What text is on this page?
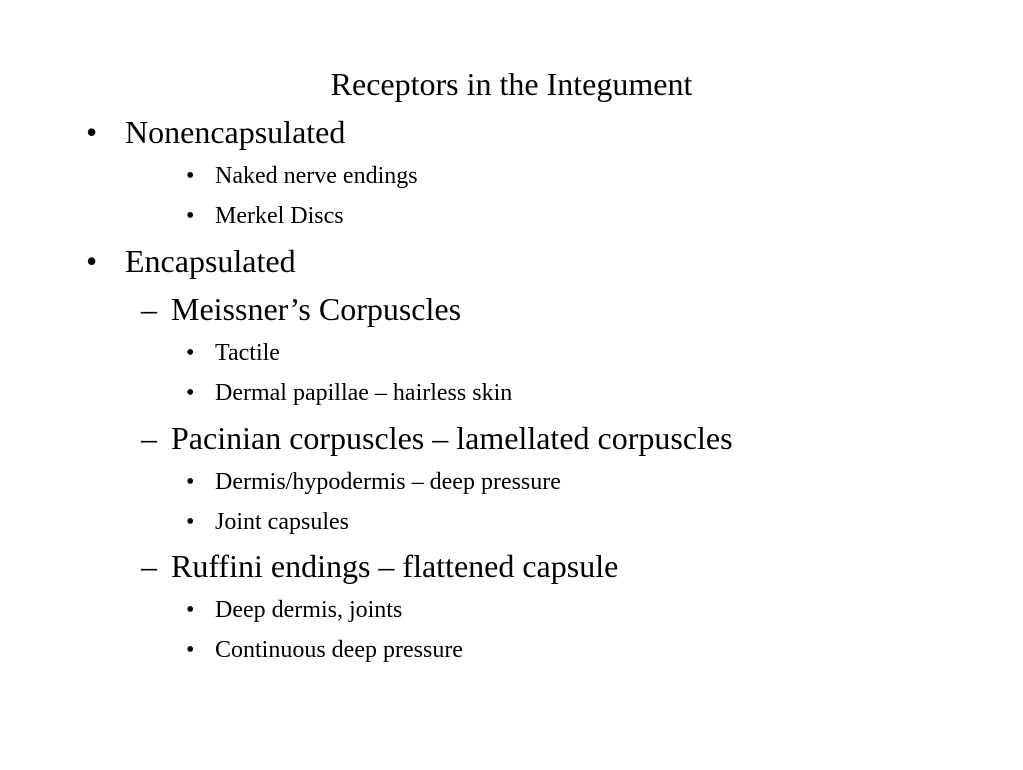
Receptors in the Integument
• Nonencapsulated
• Naked nerve endings
• Merkel Discs
• Encapsulated
– Meissner’s Corpuscles
• Tactile
• Dermal papillae – hairless skin
– Pacinian corpuscles – lamellated corpuscles
• Dermis/hypodermis – deep pressure
• Joint capsules
– Ruffini endings – flattened capsule
• Deep dermis, joints
• Continuous deep pressure
